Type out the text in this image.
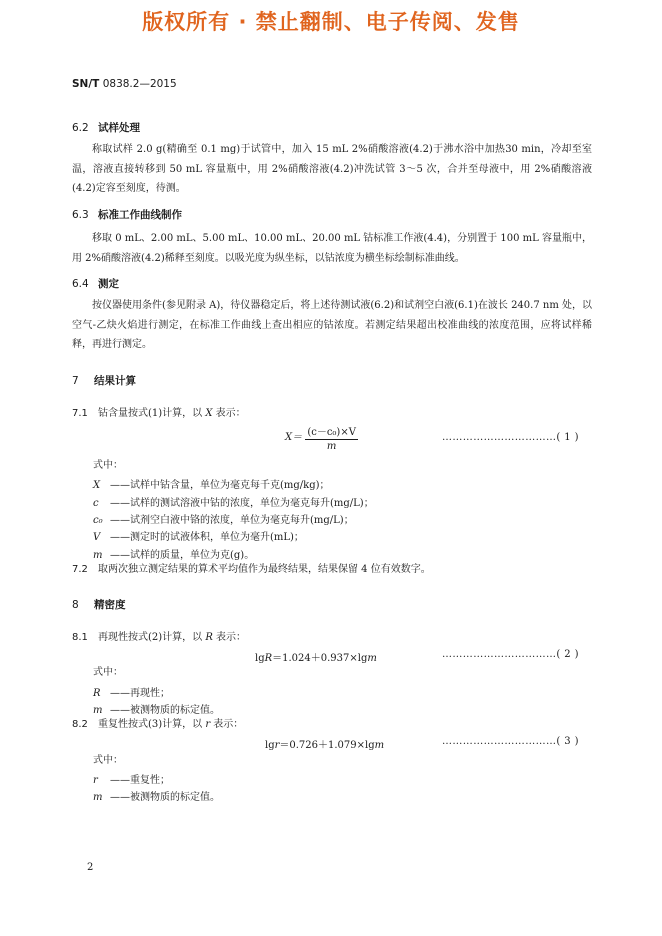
版权所有 · 禁止翻制、电子传阅、发售
SN/T 0838.2—2015
6.2 试样处理

称取试样 2.0 g(精确至 0.1 mg)于试管中，加入 15 mL 2%硝酸溶液(4.2)于沸水浴中加热30 min，冷却至室温，溶液直接转移到 50 mL 容量瓶中，用 2%硝酸溶液(4.2)冲洗试管 3～5 次，合并至母液中，用 2%硝酸溶液(4.2)定容至刻度，待测。

6.3 标准工作曲线制作

移取 0 mL、2.00 mL、5.00 mL、10.00 mL、20.00 mL 钴标准工作液(4.4)，分别置于 100 mL 容量瓶中，用 2%硝酸溶液(4.2)稀释至刻度。以吸光度为纵坐标，以钴浓度为横坐标绘制标准曲线。

6.4 测定

按仪器使用条件(参见附录 A)，待仪器稳定后，将上述待测试液(6.2)和试剂空白液(6.1)在波长 240.7 nm 处，以空气-乙炔火焰进行测定，在标准工作曲线上查出相应的钴浓度。若测定结果超出校准曲线的浓度范围，应将试样稀释，再进行测定。

7 结果计算
7.1 钴含量按式(1)计算，以 X 表示：
$X= \frac{\text{(c－c₀)×V}}{m}$	……………………………( 1 )
式中：
X ——试样中钴含量，单位为毫克每千克(mg/kg)；
c ——试样的测试溶液中钴的浓度，单位为毫克每升(mg/L)；
c₀ ——试剂空白液中铬的浓度，单位为毫克每升(mg/L)；
V ——测定时的试液体积，单位为毫升(mL)；
m ——试样的质量，单位为克(g)。
7.2 取两次独立测定结果的算术平均值作为最终结果，结果保留 4 位有效数字。
8 精密度
8.1 再现性按式(2)计算，以 R 表示：
lgR＝1.024＋0.937×lgm	……………………………( 2 )
式中：
R ——再现性；
m ——被测物质的标定值。
8.2 重复性按式(3)计算，以 r 表示：
lgr＝0.726＋1.079×lgm	……………………………( 3 )
式中：
r ——重复性；
m ——被测物质的标定值。
2
